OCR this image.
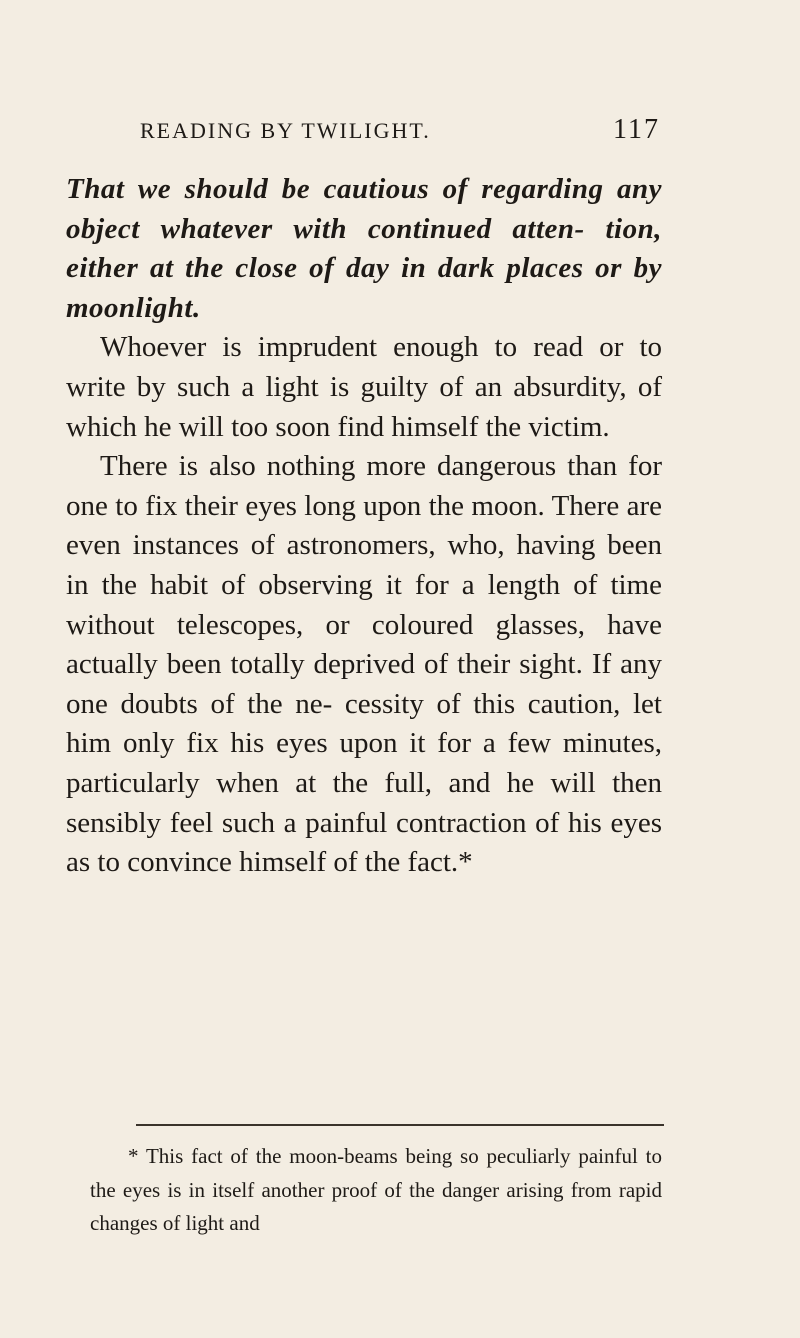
READING BY TWILIGHT.	117

That we should be cautious of regarding any object whatever with continued atten- tion, either at the close of day in dark places or by moonlight.

Whoever is imprudent enough to read or to write by such a light is guilty of an absurdity, of which he will too soon find himself the victim.

There is also nothing more dangerous than for one to fix their eyes long upon the moon. There are even instances of astronomers, who, having been in the habit of observing it for a length of time without telescopes, or coloured glasses, have actually been totally deprived of their sight. If any one doubts of the ne- cessity of this caution, let him only fix his eyes upon it for a few minutes, particularly when at the full, and he will then sensibly feel such a painful contraction of his eyes as to convince himself of the fact.*

* This fact of the moon-beams being so peculiarly painful to the eyes is in itself another proof of the danger arising from rapid changes of light and
